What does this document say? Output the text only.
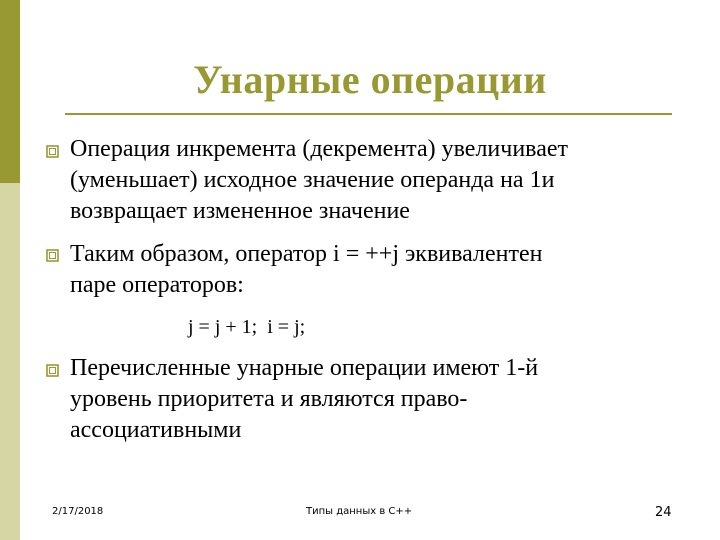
Унарные операции
Операция инкремента (декремента) увеличивает
(уменьшает) исходное значение операнда на 1и
возвращает измененное значение
Таким образом, оператор i = ++j эквивалентен
паре операторов:
j = j + 1;  i = j;
Перечисленные унарные операции имеют 1-й
уровень приоритета и являются право-
ассоциативными
2/17/2018	Типы данных в C++	24
